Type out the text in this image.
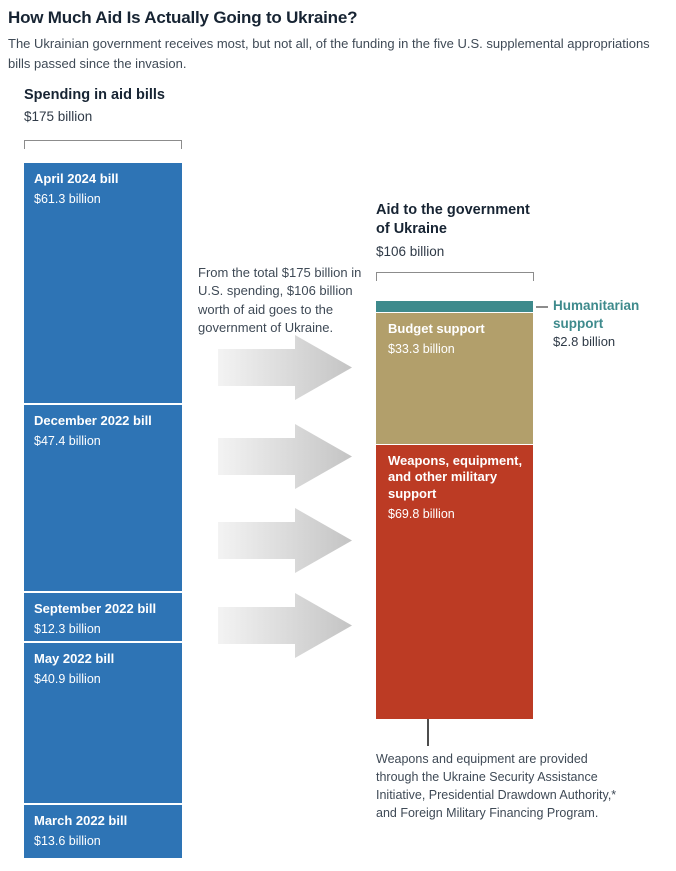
How Much Aid Is Actually Going to Ukraine?
The Ukrainian government receives most, but not all, of the funding in the five U.S. supplemental appropriations bills passed since the invasion.
Spending in aid bills
$175 billion
April 2024 bill
$61.3 billion
December 2022 bill
$47.4 billion
September 2022 bill
$12.3 billion
May 2022 bill
$40.9 billion
March 2022 bill
$13.6 billion
From the total $175 billion in U.S. spending, $106 billion worth of aid goes to the government of Ukraine.
Aid to the government of Ukraine
$106 billion
Budget support
$33.3 billion
Weapons, equipment, and other military support
$69.8 billion
Humanitarian support
$2.8 billion
Weapons and equipment are provided through the Ukraine Security Assistance Initiative, Presidential Drawdown Authority,* and Foreign Military Financing Program.
